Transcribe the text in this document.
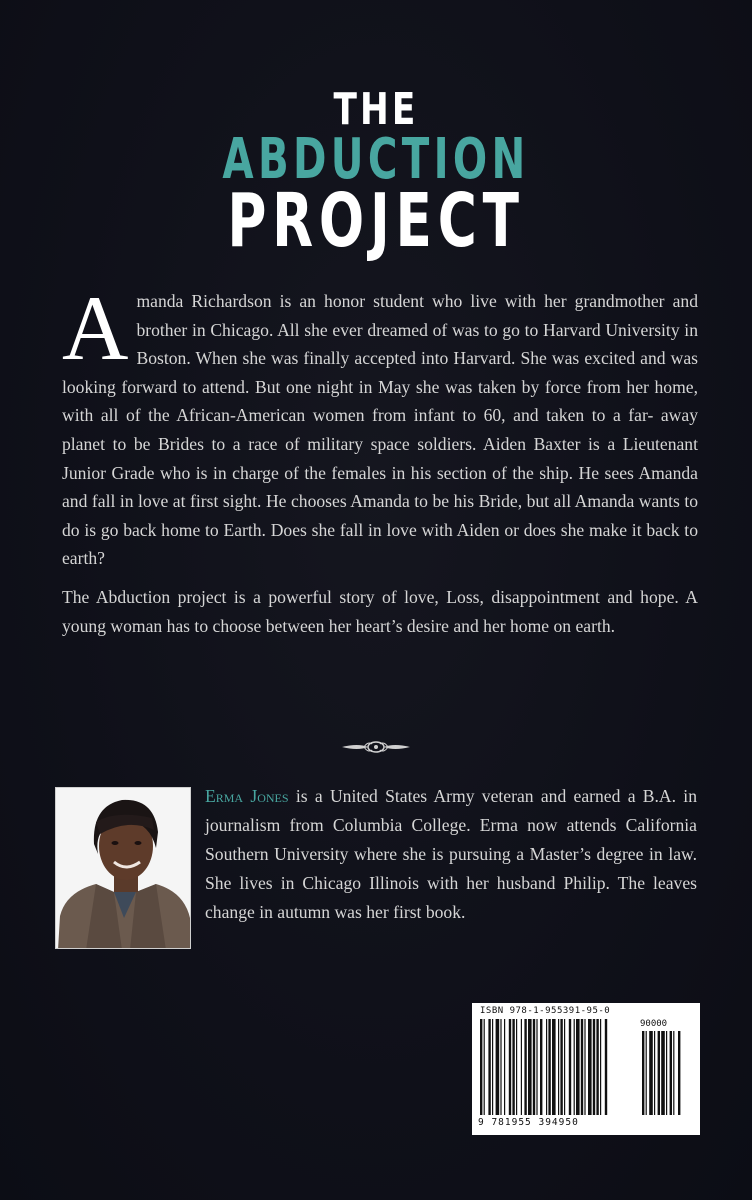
THE
ABDUCTION
PROJECT

Amanda Richardson is an honor student who live with her grandmother and brother in Chicago. All she ever dreamed of was to go to Harvard University in Boston. When she was finally accepted into Harvard. She was excited and was looking forward to attend. But one night in May she was taken by force from her home, with all of the African-American women from infant to 60, and taken to a far- away planet to be Brides to a race of military space soldiers. Aiden Baxter is a Lieutenant Junior Grade who is in charge of the females in his section of the ship. He sees Amanda and fall in love at first sight. He chooses Amanda to be his Bride, but all Amanda wants to do is go back home to Earth. Does she fall in love with Aiden or does she make it back to earth?

The Abduction project is a powerful story of love, Loss, disappointment and hope. A young woman has to choose between her heart’s desire and her home on earth.

Erma Jones is a United States Army veteran and earned a B.A. in journalism from Columbia College. Erma now attends California Southern University where she is pursuing a Master’s degree in law. She lives in Chicago Illinois with her husband Philip. The leaves change in autumn was her first book.

ISBN 978-1-955391-95-0
90000
9 781955 394950
